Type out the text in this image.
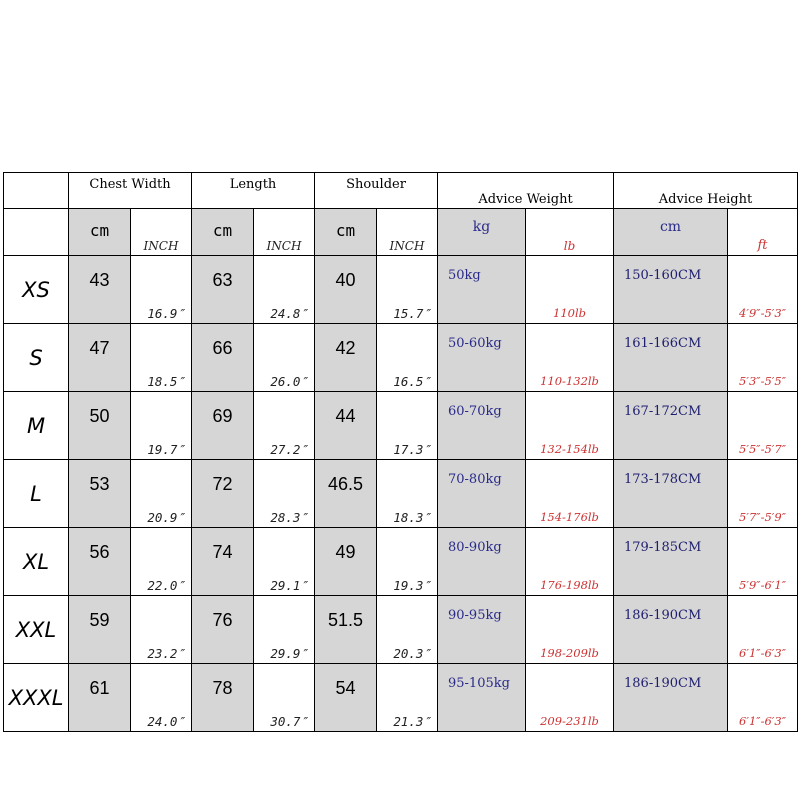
	Chest Width		Length		Shoulder		Advice Weight		Advice Height	
	cm	INCH	cm	INCH	cm	INCH	kg	lb	cm	ft
XS	43	16.9″	63	24.8″	40	15.7″	50kg	110lb	150-160CM	4′9″-5′3″
S	47	18.5″	66	26.0″	42	16.5″	50-60kg	110-132lb	161-166CM	5′3″-5′5″
M	50	19.7″	69	27.2″	44	17.3″	60-70kg	132-154lb	167-172CM	5′5″-5′7″
L	53	20.9″	72	28.3″	46.5	18.3″	70-80kg	154-176lb	173-178CM	5′7″-5′9″
XL	56	22.0″	74	29.1″	49	19.3″	80-90kg	176-198lb	179-185CM	5′9″-6′1″
XXL	59	23.2″	76	29.9″	51.5	20.3″	90-95kg	198-209lb	186-190CM	6′1″-6′3″
XXXL	61	24.0″	78	30.7″	54	21.3″	95-105kg	209-231lb	186-190CM	6′1″-6′3″
